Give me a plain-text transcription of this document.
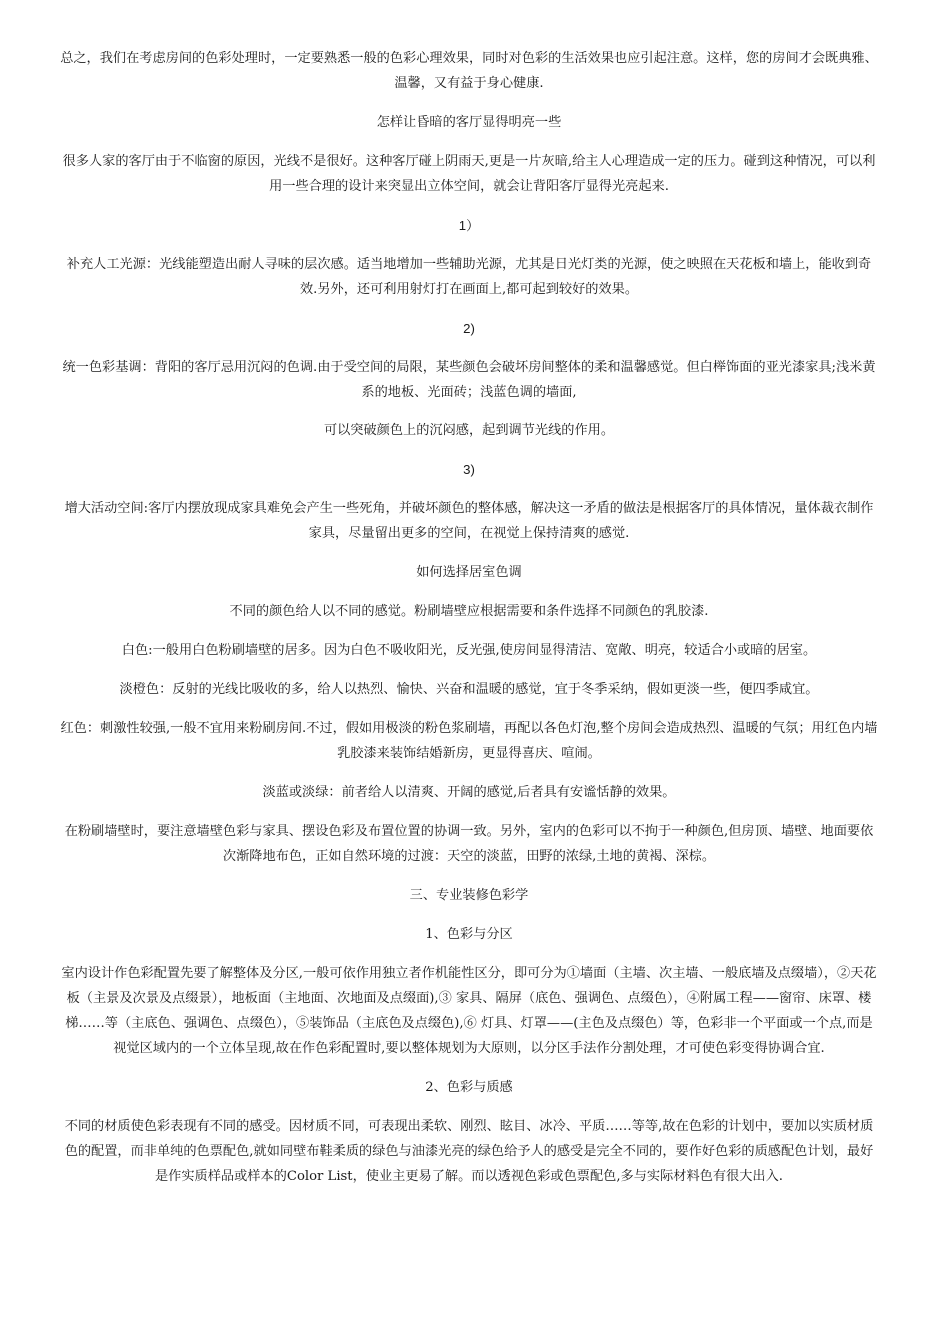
总之，我们在考虑房间的色彩处理时，一定要熟悉一般的色彩心理效果，同时对色彩的生活效果也应引起注意。这样，您的房间才会既典雅、温馨，又有益于身心健康.

怎样让昏暗的客厅显得明亮一些

很多人家的客厅由于不临窗的原因，光线不是很好。这种客厅碰上阴雨天,更是一片灰暗,给主人心理造成一定的压力。碰到这种情况，可以利用一些合理的设计来突显出立体空间，就会让背阳客厅显得光亮起来.

1）

补充人工光源：光线能塑造出耐人寻味的层次感。适当地增加一些辅助光源，尤其是日光灯类的光源，使之映照在天花板和墙上，能收到奇效.另外，还可利用射灯打在画面上,都可起到较好的效果。

2)

统一色彩基调：背阳的客厅忌用沉闷的色调.由于受空间的局限，某些颜色会破坏房间整体的柔和温馨感觉。但白榉饰面的亚光漆家具;浅米黄系的地板、光面砖；浅蓝色调的墙面,

可以突破颜色上的沉闷感，起到调节光线的作用。

3)

增大活动空间:客厅内摆放现成家具难免会产生一些死角，并破坏颜色的整体感，解决这一矛盾的做法是根据客厅的具体情况，量体裁衣制作家具，尽量留出更多的空间，在视觉上保持清爽的感觉.

如何选择居室色调

不同的颜色给人以不同的感觉。粉刷墙壁应根据需要和条件选择不同颜色的乳胶漆.

白色:一般用白色粉刷墙壁的居多。因为白色不吸收阳光，反光强,使房间显得清洁、宽敞、明亮，较适合小或暗的居室。

淡橙色：反射的光线比吸收的多，给人以热烈、愉快、兴奋和温暖的感觉，宜于冬季采纳，假如更淡一些，便四季咸宜。

红色：刺激性较强,一般不宜用来粉刷房间.不过，假如用极淡的粉色浆刷墙，再配以各色灯泡,整个房间会造成热烈、温暖的气氛；用红色内墙乳胶漆来装饰结婚新房，更显得喜庆、喧闹。

淡蓝或淡绿：前者给人以清爽、开阔的感觉,后者具有安谧恬静的效果。

在粉刷墙壁时，要注意墙壁色彩与家具、摆设色彩及布置位置的协调一致。另外，室内的色彩可以不拘于一种颜色,但房顶、墙壁、地面要依次渐降地布色，正如自然环境的过渡：天空的淡蓝，田野的浓绿,土地的黄褐、深棕。

三、专业装修色彩学

1、色彩与分区

室内设计作色彩配置先要了解整体及分区,一般可依作用独立者作机能性区分，即可分为①墙面（主墙、次主墙、一般底墙及点缀墙），②天花板（主景及次景及点缀景），地板面（主地面、次地面及点缀面),③ 家具、隔屏（底色、强调色、点缀色），④附属工程——窗帘、床罩、楼梯……等（主底色、强调色、点缀色），⑤装饰品（主底色及点缀色),⑥ 灯具、灯罩——(主色及点缀色）等，色彩非一个平面或一个点,而是视觉区域内的一个立体呈现,故在作色彩配置时,要以整体规划为大原则，以分区手法作分割处理，才可使色彩变得协调合宜.

2、色彩与质感

不同的材质使色彩表现有不同的感受。因材质不同，可表现出柔软、刚烈、眩目、冰冷、平质……等等,故在色彩的计划中，要加以实质材质色的配置，而非单纯的色票配色,就如同壁布鞋柔质的绿色与油漆光亮的绿色给予人的感受是完全不同的，要作好色彩的质感配色计划，最好是作实质样品或样本的Color List，使业主更易了解。而以透视色彩或色票配色,多与实际材料色有很大出入.
